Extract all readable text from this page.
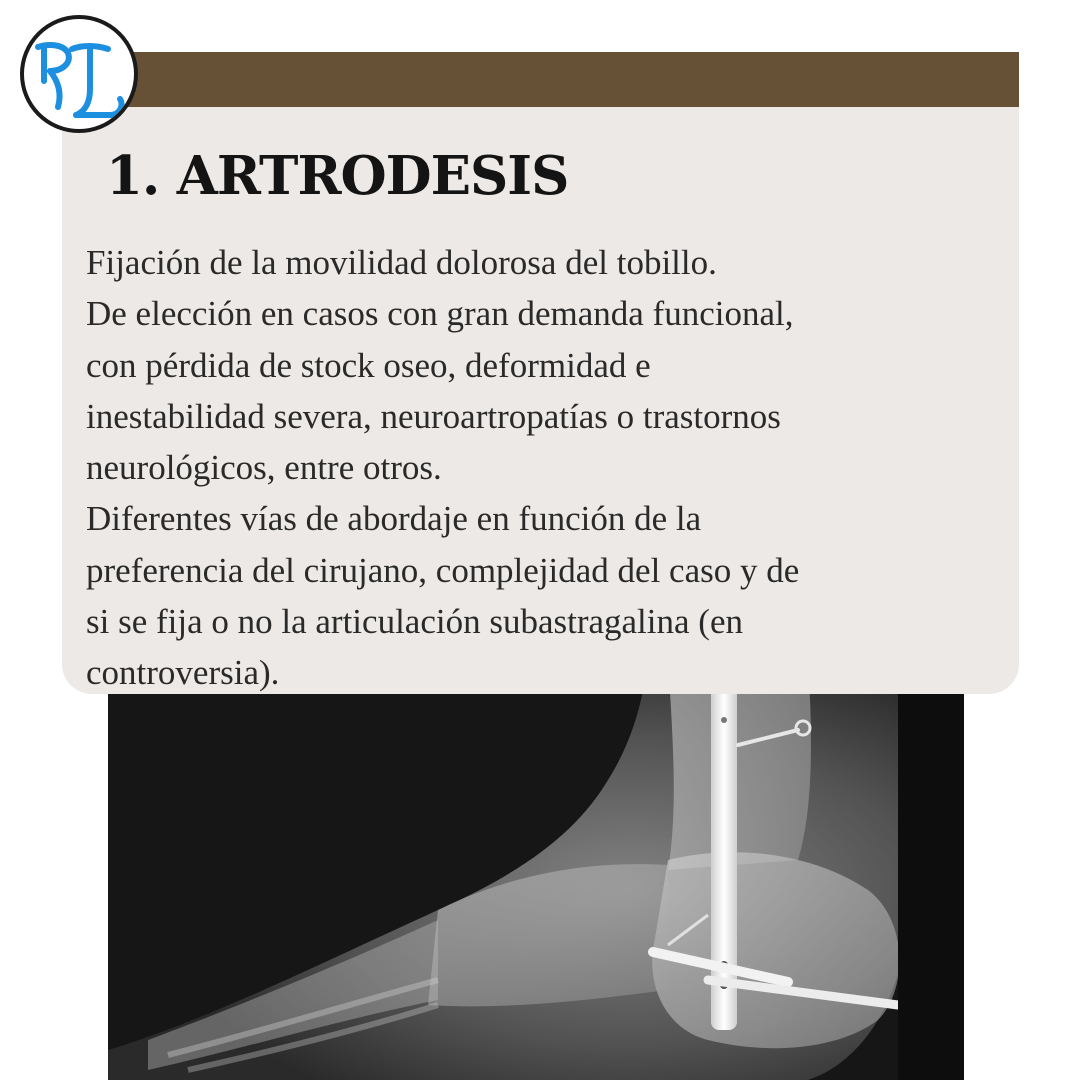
1. ARTRODESIS
Fijación de la movilidad dolorosa del tobillo.
De elección en casos con gran demanda funcional,
con pérdida de stock oseo, deformidad e
inestabilidad severa, neuroartropatías o trastornos
neurológicos, entre otros.
Diferentes vías de abordaje en función de la
preferencia del cirujano, complejidad del caso y de
si se fija o no la articulación subastragalina (en
controversia).
